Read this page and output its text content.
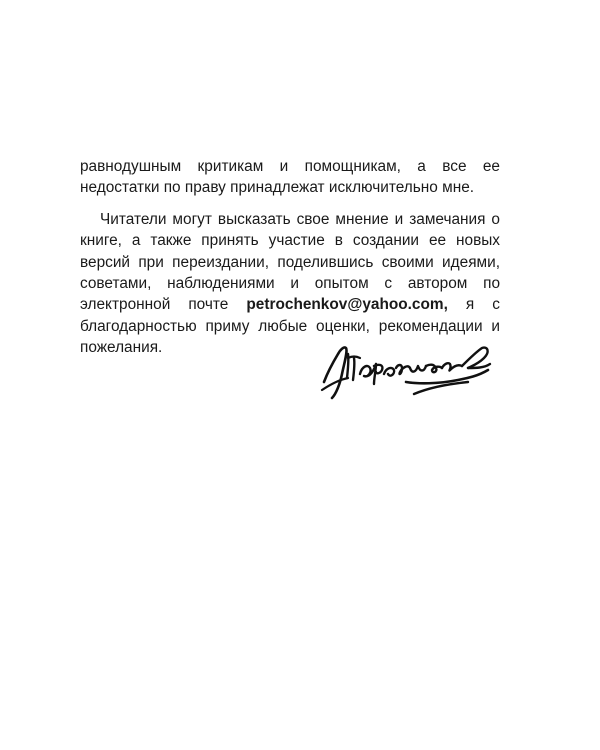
равнодушным критикам и помощникам, а все ее недостатки по праву принадлежат исключительно мне.

Читатели могут высказать свое мнение и замечания о книге, а также принять участие в создании ее новых версий при переиздании, поделившись своими идеями, советами, наблюдениями и опытом с автором по электронной почте petrochenkov@yahoo.com, я с благодарностью приму любые оценки, рекомендации и пожелания.
